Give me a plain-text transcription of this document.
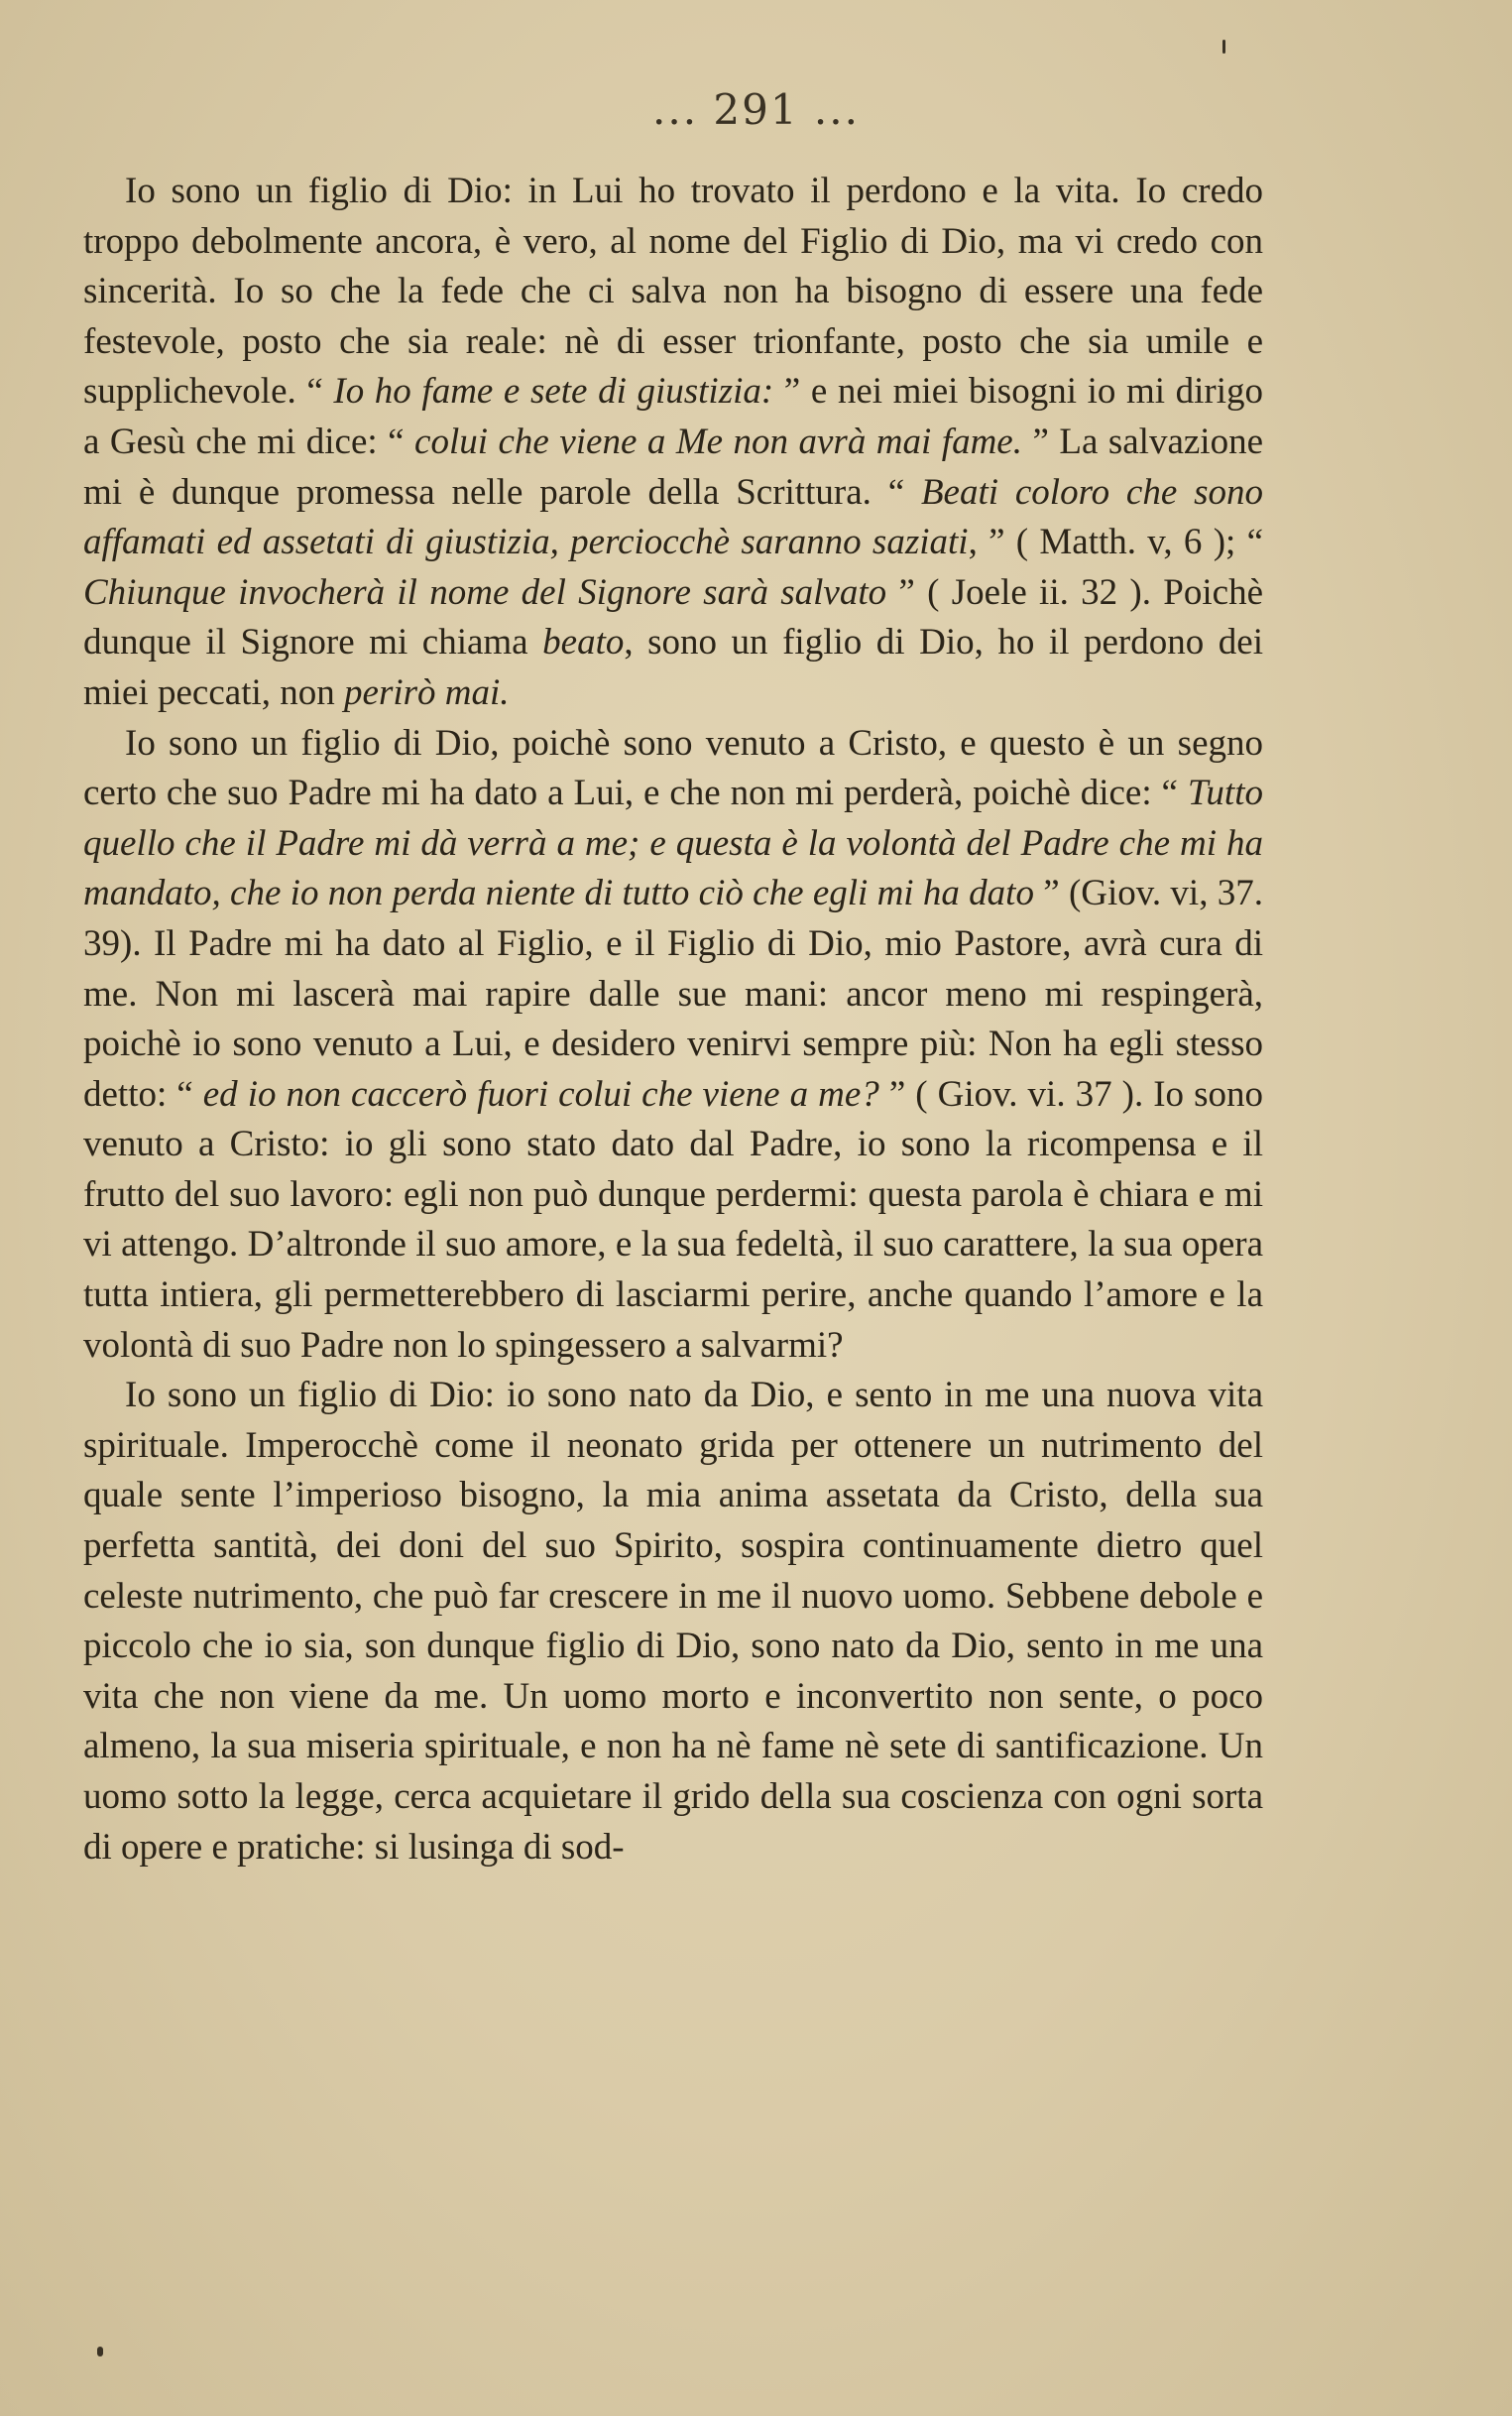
... 291 ...

Io sono un figlio di Dio: in Lui ho trovato il perdono e la vita. Io credo troppo debolmente ancora, è vero, al nome del Figlio di Dio, ma vi credo con sincerità. Io so che la fede che ci salva non ha bisogno di essere una fede festevole, posto che sia reale: nè di esser trionfante, posto che sia umile e supplichevole. “ Io ho fame e sete di giustizia: ” e nei miei bisogni io mi dirigo a Gesù che mi dice: “ colui che viene a Me non avrà mai fame. ” La salvazione mi è dunque promessa nelle parole della Scrittura. “ Beati coloro che sono affamati ed assetati di giustizia, perciocchè saranno saziati, ” ( Matth. v, 6 ); “ Chiunque invocherà il nome del Signore sarà salvato ” ( Joele ii. 32 ). Poichè dunque il Signore mi chiama beato, sono un figlio di Dio, ho il perdono dei miei peccati, non perirò mai.

Io sono un figlio di Dio, poichè sono venuto a Cristo, e questo è un segno certo che suo Padre mi ha dato a Lui, e che non mi perderà, poichè dice: “ Tutto quello che il Padre mi dà verrà a me; e questa è la volontà del Padre che mi ha mandato, che io non perda niente di tutto ciò che egli mi ha dato ” (Giov. vi, 37. 39). Il Padre mi ha dato al Figlio, e il Figlio di Dio, mio Pastore, avrà cura di me. Non mi lascerà mai rapire dalle sue mani: ancor meno mi respingerà, poichè io sono venuto a Lui, e desidero venirvi sempre più: Non ha egli stesso detto: “ ed io non caccerò fuori colui che viene a me? ” ( Giov. vi. 37 ). Io sono venuto a Cristo: io gli sono stato dato dal Padre, io sono la ricompensa e il frutto del suo lavoro: egli non può dunque perdermi: questa parola è chiara e mi vi attengo. D’altronde il suo amore, e la sua fedeltà, il suo carattere, la sua opera tutta intiera, gli permetterebbero di lasciarmi perire, anche quando l’amore e la volontà di suo Padre non lo spingessero a salvarmi?

Io sono un figlio di Dio: io sono nato da Dio, e sento in me una nuova vita spirituale. Imperocchè come il neonato grida per ottenere un nutrimento del quale sente l’imperioso bisogno, la mia anima assetata da Cristo, della sua perfetta santità, dei doni del suo Spirito, sospira continuamente dietro quel celeste nutrimento, che può far crescere in me il nuovo uomo. Sebbene debole e piccolo che io sia, son dunque figlio di Dio, sono nato da Dio, sento in me una vita che non viene da me. Un uomo morto e inconvertito non sente, o poco almeno, la sua miseria spirituale, e non ha nè fame nè sete di santificazione. Un uomo sotto la legge, cerca acquietare il grido della sua coscienza con ogni sorta di opere e pratiche: si lusinga di sod-
